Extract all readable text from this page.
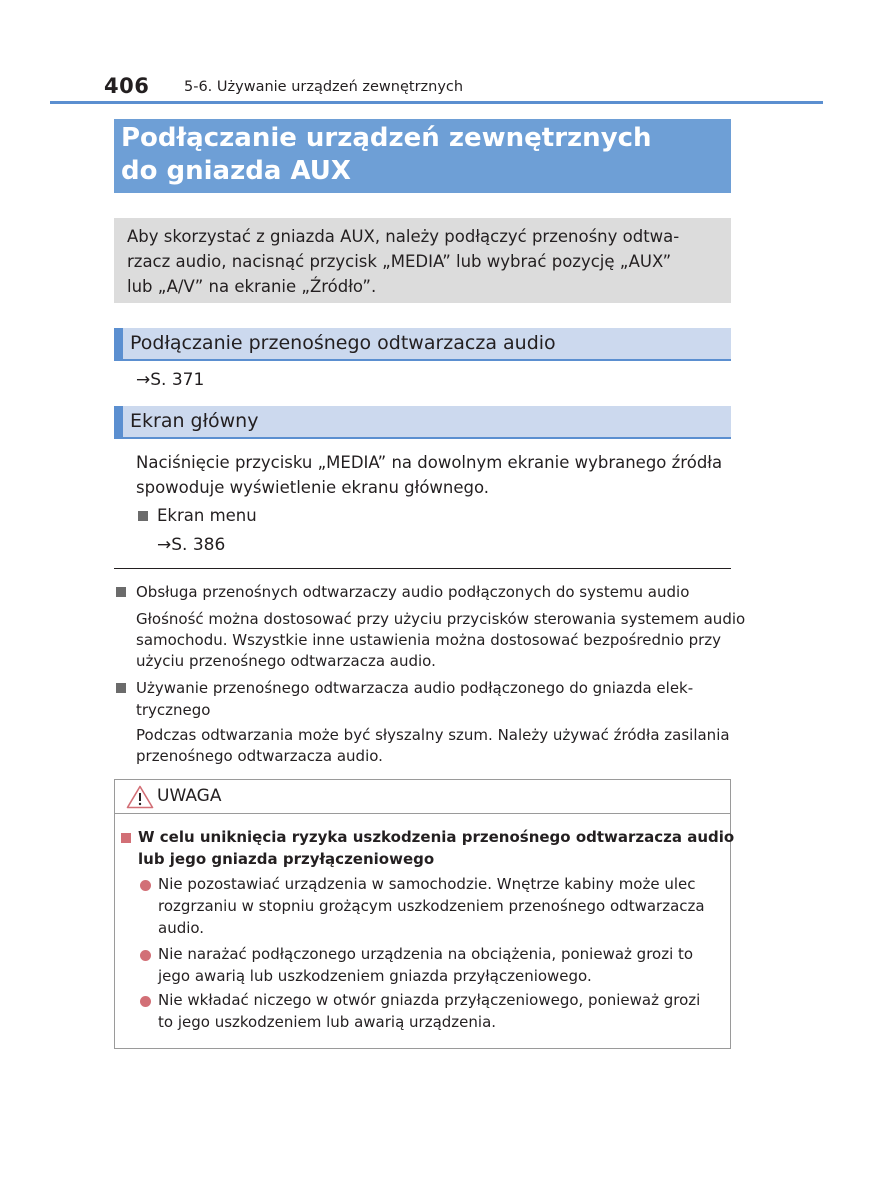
406 5-6. Używanie urządzeń zewnętrznych
Podłączanie urządzeń zewnętrznych
do gniazda AUX
Aby skorzystać z gniazda AUX, należy podłączyć przenośny odtwa-
rzacz audio, nacisnąć przycisk „MEDIA” lub wybrać pozycję „AUX”
lub „A/V” na ekranie „Źródło”.
Podłączanie przenośnego odtwarzacza audio
→S. 371
Ekran główny
Naciśnięcie przycisku „MEDIA” na dowolnym ekranie wybranego źródła
spowoduje wyświetlenie ekranu głównego.
Ekran menu
→S. 386
Obsługa przenośnych odtwarzaczy audio podłączonych do systemu audio
Głośność można dostosować przy użyciu przycisków sterowania systemem audio
samochodu. Wszystkie inne ustawienia można dostosować bezpośrednio przy
użyciu przenośnego odtwarzacza audio.
Używanie przenośnego odtwarzacza audio podłączonego do gniazda elek-
trycznego
Podczas odtwarzania może być słyszalny szum. Należy używać źródła zasilania
przenośnego odtwarzacza audio.
UWAGA
W celu uniknięcia ryzyka uszkodzenia przenośnego odtwarzacza audio
lub jego gniazda przyłączeniowego
Nie pozostawiać urządzenia w samochodzie. Wnętrze kabiny może ulec
rozgrzaniu w stopniu grożącym uszkodzeniem przenośnego odtwarzacza
audio.
Nie narażać podłączonego urządzenia na obciążenia, ponieważ grozi to
jego awarią lub uszkodzeniem gniazda przyłączeniowego.
Nie wkładać niczego w otwór gniazda przyłączeniowego, ponieważ grozi
to jego uszkodzeniem lub awarią urządzenia.
